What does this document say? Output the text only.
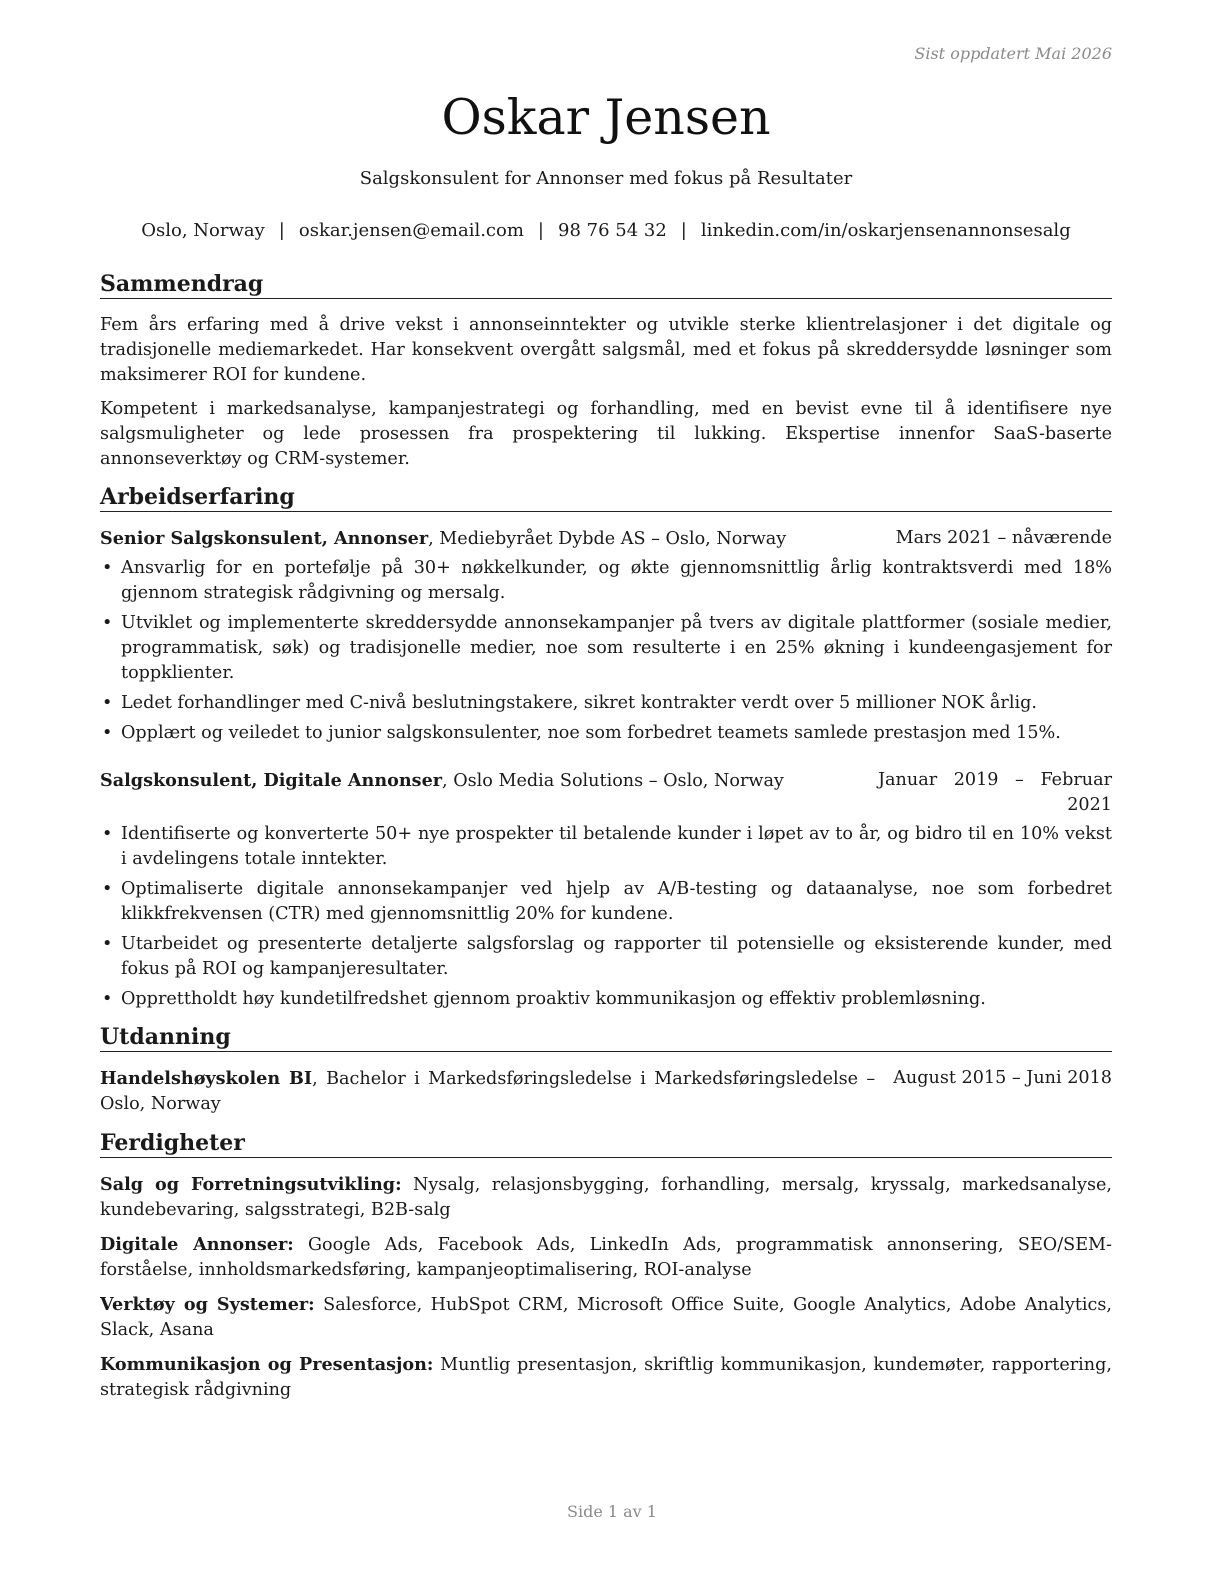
Sist oppdatert Mai 2026
Oskar Jensen
Salgskonsulent for Annonser med fokus på Resultater
Oslo, Norway | oskar.jensen@email.com | 98 76 54 32 | linkedin.com/in/oskarjensenannonsesalg
Sammendrag

Fem års erfaring med å drive vekst i annonseinntekter og utvikle sterke klientrelasjoner i det digitale og tradisjonelle mediemarkedet. Har konsekvent overgått salgsmål, med et fokus på skreddersydde løsninger som maksimerer ROI for kundene.

Kompetent i markedsanalyse, kampanjestrategi og forhandling, med en bevist evne til å identifisere nye salgsmuligheter og lede prosessen fra prospektering til lukking. Ekspertise innenfor SaaS-baserte annonseverktøy og CRM-systemer.

Arbeidserfaring
Senior Salgskonsulent, Annonser, Mediebyrået Dybde AS – Oslo, Norway	Mars 2021 – nåværende
• Ansvarlig for en portefølje på 30+ nøkkelkunder, og økte gjennomsnittlig årlig kontraktsverdi med 18% gjennom strategisk rådgivning og mersalg.
• Utviklet og implementerte skreddersydde annonsekampanjer på tvers av digitale plattformer (sosiale medier, programmatisk, søk) og tradisjonelle medier, noe som resulterte i en 25% økning i kundeengasjement for toppklienter.
• Ledet forhandlinger med C-nivå beslutningstakere, sikret kontrakter verdt over 5 millioner NOK årlig.
• Opplært og veiledet to junior salgskonsulenter, noe som forbedret teamets samlede prestasjon med 15%.
Salgskonsulent, Digitale Annonser, Oslo Media Solutions – Oslo, Norway	Januar 2019 – Februar 2021
• Identifiserte og konverterte 50+ nye prospekter til betalende kunder i løpet av to år, og bidro til en 10% vekst i avdelingens totale inntekter.
• Optimaliserte digitale annonsekampanjer ved hjelp av A/B-testing og dataanalyse, noe som forbedret klikkfrekvensen (CTR) med gjennomsnittlig 20% for kundene.
• Utarbeidet og presenterte detaljerte salgsforslag og rapporter til potensielle og eksisterende kunder, med fokus på ROI og kampanjeresultater.
• Opprettholdt høy kundetilfredshet gjennom proaktiv kommunikasjon og effektiv problemløsning.
Utdanning
August 2015 – Juni 2018
Handelshøyskolen BI, Bachelor i Markedsføringsledelse i Markedsføringsledelse – Oslo, Norway
Ferdigheter

Salg og Forretningsutvikling: Nysalg, relasjonsbygging, forhandling, mersalg, kryssalg, markedsanalyse, kundebevaring, salgsstrategi, B2B-salg

Digitale Annonser: Google Ads, Facebook Ads, LinkedIn Ads, programmatisk annonsering, SEO/SEM-forståelse, innholdsmarkedsføring, kampanjeoptimalisering, ROI-analyse

Verktøy og Systemer: Salesforce, HubSpot CRM, Microsoft Office Suite, Google Analytics, Adobe Analytics, Slack, Asana

Kommunikasjon og Presentasjon: Muntlig presentasjon, skriftlig kommunikasjon, kundemøter, rapportering, strategisk rådgivning

Side 1 av 1
